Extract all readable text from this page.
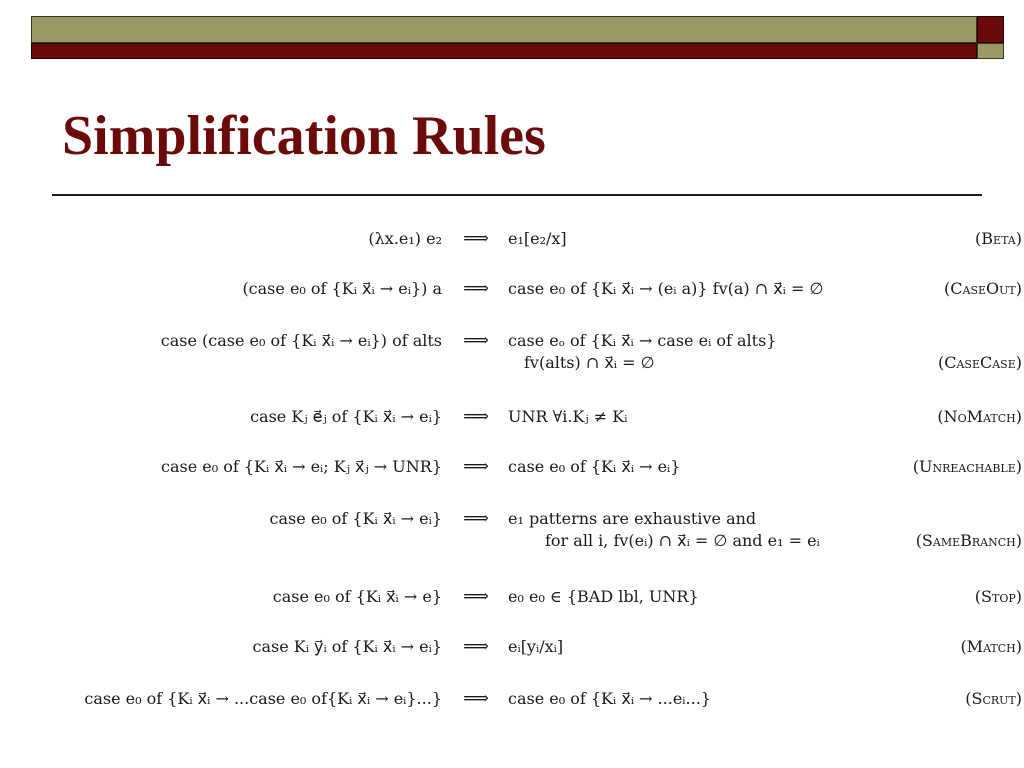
Simplification Rules
(λx.e₁) e₂ ⟹	e₁[e₂/x]	(Beta)
(case e₀ of {Kᵢ x⃗ᵢ → eᵢ}) a ⟹	case e₀ of {Kᵢ x⃗ᵢ → (eᵢ a)} fv(a) ∩ x⃗ᵢ = ∅	(CaseOut)
case (case e₀ of {Kᵢ x⃗ᵢ → eᵢ}) of alts ⟹	case eₒ of {Kᵢ x⃗ᵢ → case eᵢ of alts}
fv(alts) ∩ x⃗ᵢ = ∅	(CaseCase)
case Kⱼ e⃗ⱼ of {Kᵢ x⃗ᵢ → eᵢ} ⟹	UNR ∀i.Kⱼ ≠ Kᵢ	(NoMatch)
case e₀ of {Kᵢ x⃗ᵢ → eᵢ; Kⱼ x⃗ⱼ → UNR} ⟹	case e₀ of {Kᵢ x⃗ᵢ → eᵢ}	(Unreachable)
case e₀ of {Kᵢ x⃗ᵢ → eᵢ} ⟹	e₁ patterns are exhaustive and
for all i, fv(eᵢ) ∩ x⃗ᵢ = ∅ and e₁ = eᵢ	(SameBranch)
case e₀ of {Kᵢ x⃗ᵢ → e} ⟹	e₀ e₀ ∈ {BAD lbl, UNR}	(Stop)
case Kᵢ y⃗ᵢ of {Kᵢ x⃗ᵢ → eᵢ} ⟹	eᵢ[yᵢ/xᵢ]	(Match)
case e₀ of {Kᵢ x⃗ᵢ → ...case e₀ of{Kᵢ x⃗ᵢ → eᵢ}...} ⟹	case e₀ of {Kᵢ x⃗ᵢ → ...eᵢ...}	(Scrut)
